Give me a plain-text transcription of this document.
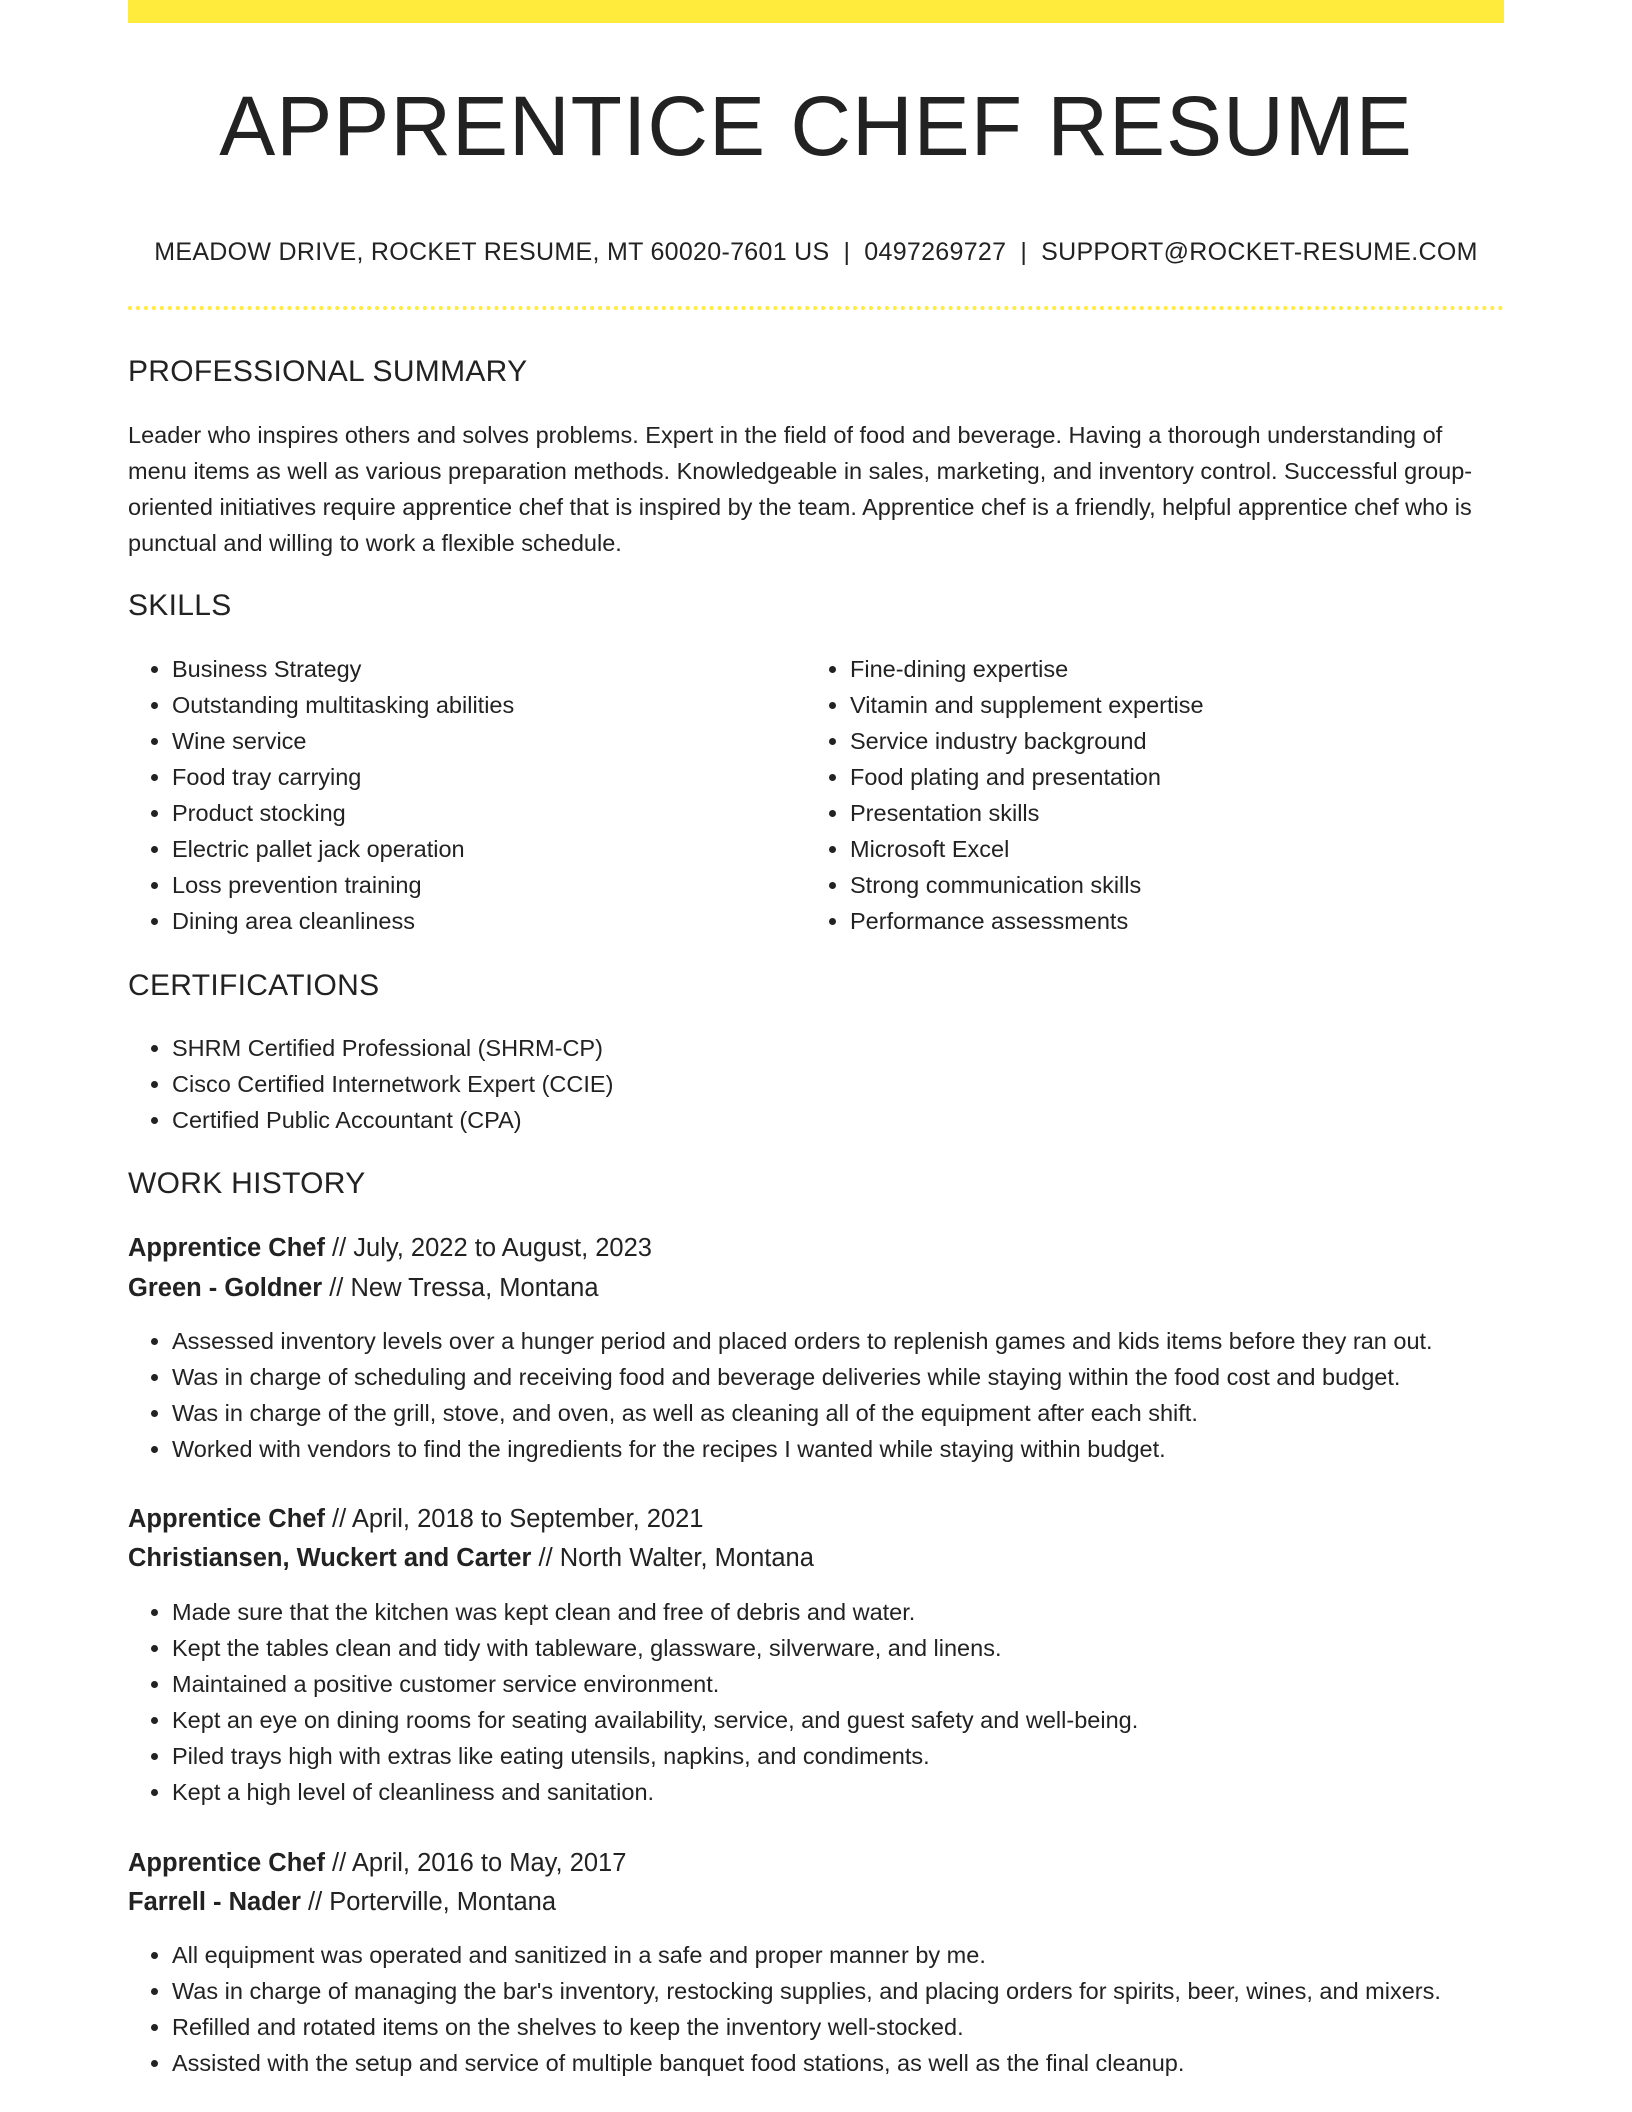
APPRENTICE CHEF RESUME
MEADOW DRIVE, ROCKET RESUME, MT 60020-7601 US | 0497269727 | SUPPORT@ROCKET-RESUME.COM
PROFESSIONAL SUMMARY

Leader who inspires others and solves problems. Expert in the field of food and beverage. Having a thorough understanding of menu items as well as various preparation methods. Knowledgeable in sales, marketing, and inventory control. Successful group-oriented initiatives require apprentice chef that is inspired by the team. Apprentice chef is a friendly, helpful apprentice chef who is punctual and willing to work a flexible schedule.

SKILLS
• Business Strategy
• Outstanding multitasking abilities
• Wine service
• Food tray carrying
• Product stocking
• Electric pallet jack operation
• Loss prevention training
• Dining area cleanliness
• Fine-dining expertise
• Vitamin and supplement expertise
• Service industry background
• Food plating and presentation
• Presentation skills
• Microsoft Excel
• Strong communication skills
• Performance assessments
CERTIFICATIONS
• SHRM Certified Professional (SHRM-CP)
• Cisco Certified Internetwork Expert (CCIE)
• Certified Public Accountant (CPA)
WORK HISTORY
Apprentice Chef // July, 2022 to August, 2023
Green - Goldner // New Tressa, Montana
• Assessed inventory levels over a hunger period and placed orders to replenish games and kids items before they ran out.
• Was in charge of scheduling and receiving food and beverage deliveries while staying within the food cost and budget.
• Was in charge of the grill, stove, and oven, as well as cleaning all of the equipment after each shift.
• Worked with vendors to find the ingredients for the recipes I wanted while staying within budget.
Apprentice Chef // April, 2018 to September, 2021
Christiansen, Wuckert and Carter // North Walter, Montana
• Made sure that the kitchen was kept clean and free of debris and water.
• Kept the tables clean and tidy with tableware, glassware, silverware, and linens.
• Maintained a positive customer service environment.
• Kept an eye on dining rooms for seating availability, service, and guest safety and well-being.
• Piled trays high with extras like eating utensils, napkins, and condiments.
• Kept a high level of cleanliness and sanitation.
Apprentice Chef // April, 2016 to May, 2017
Farrell - Nader // Porterville, Montana
• All equipment was operated and sanitized in a safe and proper manner by me.
• Was in charge of managing the bar's inventory, restocking supplies, and placing orders for spirits, beer, wines, and mixers.
• Refilled and rotated items on the shelves to keep the inventory well-stocked.
• Assisted with the setup and service of multiple banquet food stations, as well as the final cleanup.
